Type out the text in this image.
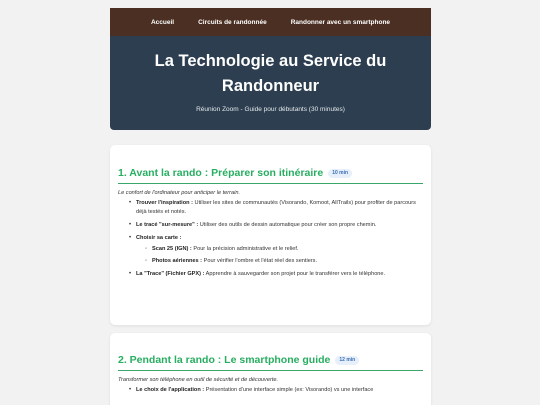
Accueil	Circuits de randonnée	Randonner avec un smartphone
La Technologie au Service du Randonneur

Réunion Zoom - Guide pour débutants (30 minutes)

1. Avant la rando : Préparer son itinéraire	10 min

Le confort de l'ordinateur pour anticiper le terrain.

• Trouver l'inspiration : Utiliser les sites de communautés (Visorando, Komoot, AllTrails) pour profiter de parcours déjà testés et notés.
• Le tracé "sur-mesure" : Utiliser des outils de dessin automatique pour créer son propre chemin.
• Choisir sa carte :
◦ Scan 25 (IGN) : Pour la précision administrative et le relief.
◦ Photos aériennes : Pour vérifier l'ombre et l'état réel des sentiers.
• La "Trace" (Fichier GPX) : Apprendre à sauvegarder son projet pour le transférer vers le téléphone.
2. Pendant la rando : Le smartphone guide	12 min

Transformer son téléphone en outil de sécurité et de découverte.

• Le choix de l'application : Présentation d'une interface simple (ex: Visorando) vs une interface
